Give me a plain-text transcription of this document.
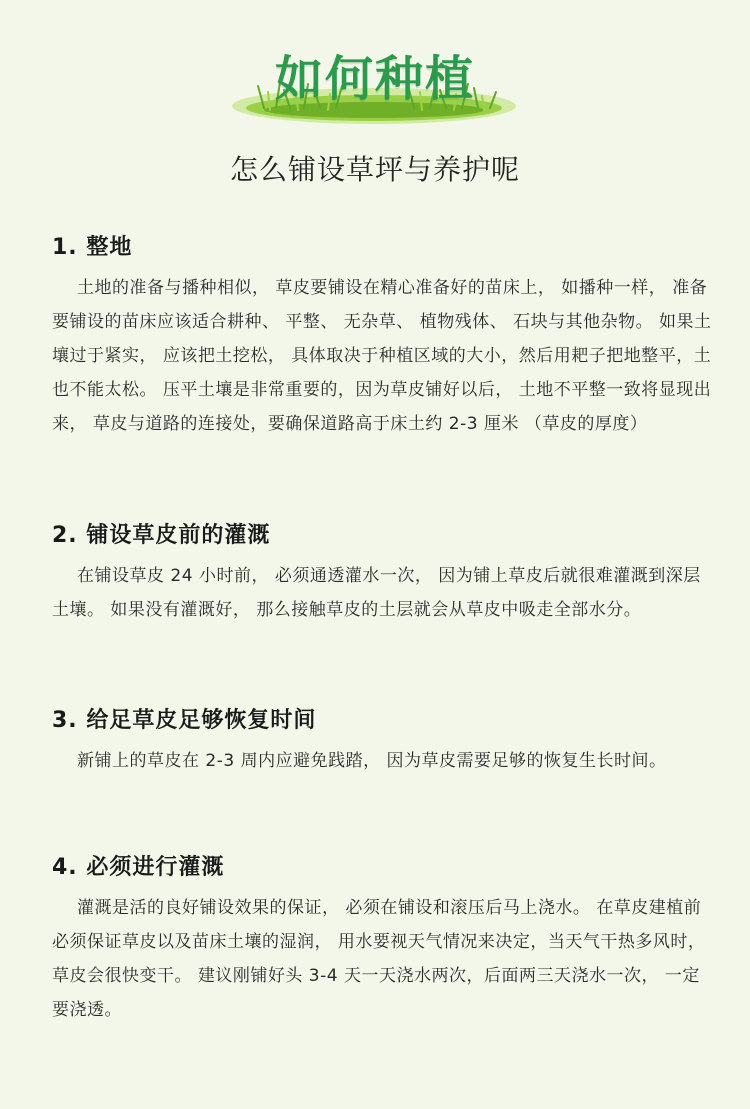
如何种植
怎么铺设草坪与养护呢
1. 整地

土地的准备与播种相似， 草皮要铺设在精心准备好的苗床上， 如播种一样， 准备要铺设的苗床应该适合耕种、 平整、 无杂草、 植物残体、 石块与其他杂物。 如果土壤过于紧实， 应该把土挖松， 具体取决于种植区域的大小，然后用耙子把地整平，土也不能太松。 压平土壤是非常重要的，因为草皮铺好以后， 土地不平整一致将显现出来， 草皮与道路的连接处，要确保道路高于床土约 2-3 厘米 （草皮的厚度）

2. 铺设草皮前的灌溉

在铺设草皮 24 小时前， 必须通透灌水一次， 因为铺上草皮后就很难灌溉到深层土壤。 如果没有灌溉好， 那么接触草皮的土层就会从草皮中吸走全部水分。

3. 给足草皮足够恢复时间

新铺上的草皮在 2-3 周内应避免践踏， 因为草皮需要足够的恢复生长时间。

4. 必须进行灌溉

灌溉是活的良好铺设效果的保证， 必须在铺设和滚压后马上浇水。 在草皮建植前必须保证草皮以及苗床土壤的湿润， 用水要视天气情况来决定，当天气干热多风时，草皮会很快变干。 建议刚铺好头 3-4 天一天浇水两次，后面两三天浇水一次， 一定要浇透。
